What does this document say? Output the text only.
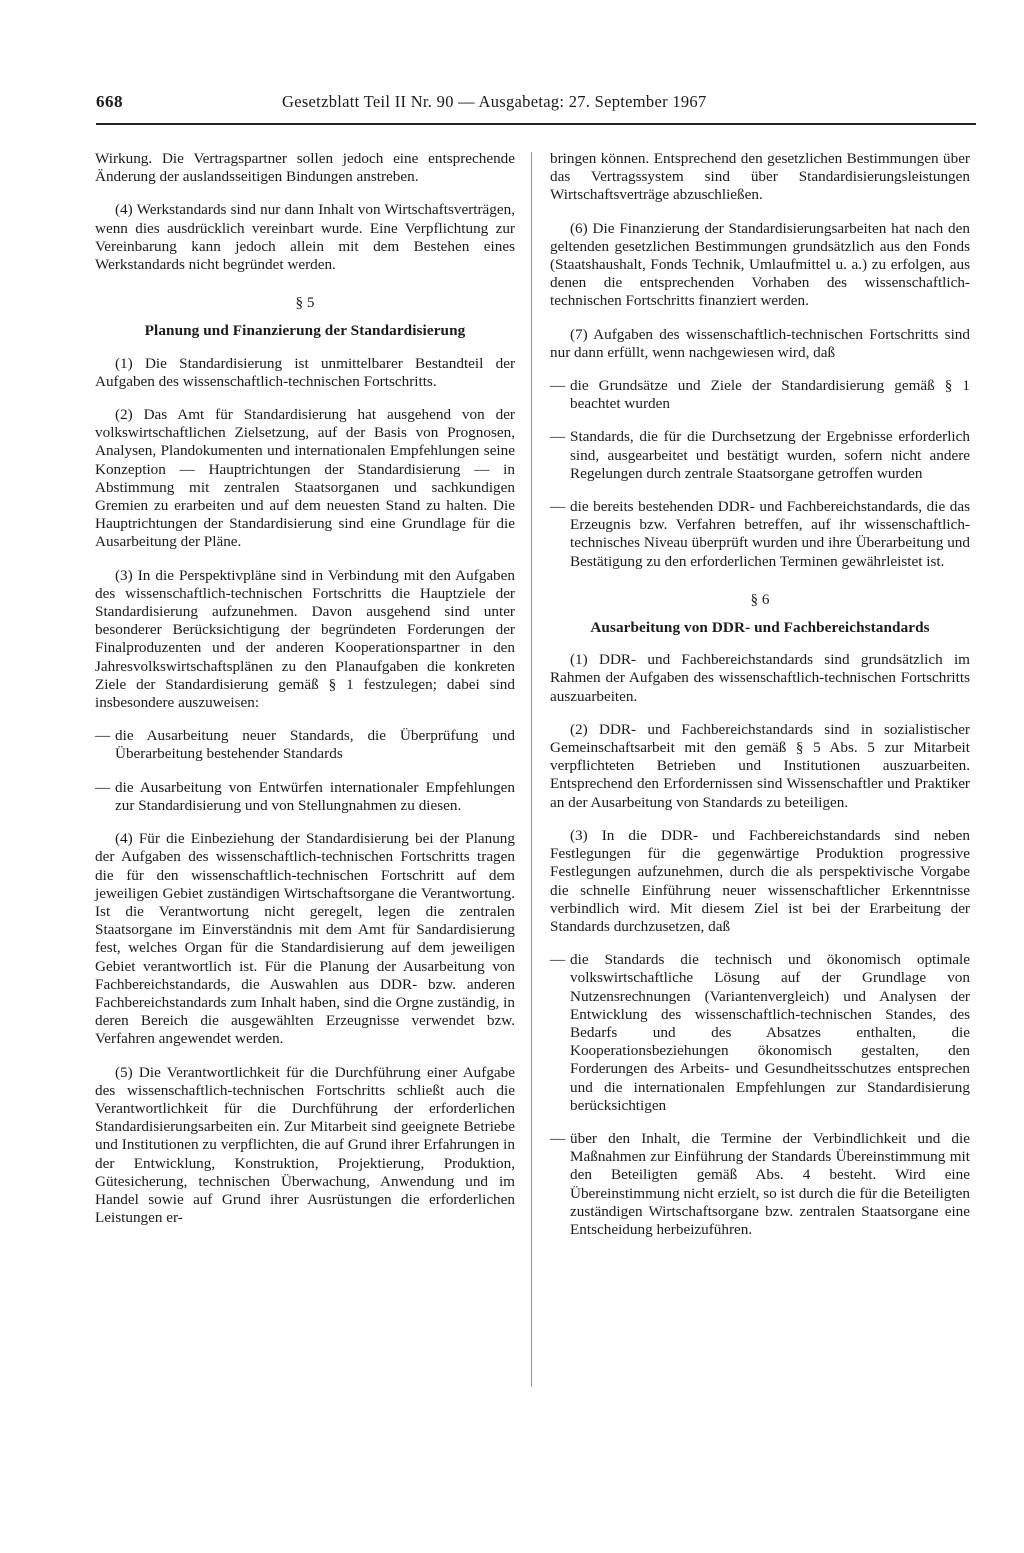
668	Gesetzblatt Teil II Nr. 90 — Ausgabetag: 27. September 1967

Wirkung. Die Vertragspartner sollen jedoch eine entsprechende Änderung der auslandsseitigen Bindungen anstreben.

(4) Werkstandards sind nur dann Inhalt von Wirtschaftsverträgen, wenn dies ausdrücklich vereinbart wurde. Eine Verpflichtung zur Vereinbarung kann jedoch allein mit dem Bestehen eines Werkstandards nicht begründet werden.

§ 5
Planung und Finanzierung der Standardisierung

(1) Die Standardisierung ist unmittelbarer Bestandteil der Aufgaben des wissenschaftlich-technischen Fortschritts.

(2) Das Amt für Standardisierung hat ausgehend von der volkswirtschaftlichen Zielsetzung, auf der Basis von Prognosen, Analysen, Plandokumenten und internationalen Empfehlungen seine Konzeption — Hauptrichtungen der Standardisierung — in Abstimmung mit zentralen Staatsorganen und sachkundigen Gremien zu erarbeiten und auf dem neuesten Stand zu halten. Die Hauptrichtungen der Standardisierung sind eine Grundlage für die Ausarbeitung der Pläne.

(3) In die Perspektivpläne sind in Verbindung mit den Aufgaben des wissenschaftlich-technischen Fortschritts die Hauptziele der Standardisierung aufzunehmen. Davon ausgehend sind unter besonderer Berücksichtigung der begründeten Forderungen der Finalproduzenten und der anderen Kooperationspartner in den Jahresvolkswirtschaftsplänen zu den Planaufgaben die konkreten Ziele der Standardisierung gemäß § 1 festzulegen; dabei sind insbesondere auszuweisen:

— die Ausarbeitung neuer Standards, die Überprüfung und Überarbeitung bestehender Standards
— die Ausarbeitung von Entwürfen internationaler Empfehlungen zur Standardisierung und von Stellungnahmen zu diesen.

(4) Für die Einbeziehung der Standardisierung bei der Planung der Aufgaben des wissenschaftlich-technischen Fortschritts tragen die für den wissenschaftlich-technischen Fortschritt auf dem jeweiligen Gebiet zuständigen Wirtschaftsorgane die Verantwortung. Ist die Verantwortung nicht geregelt, legen die zentralen Staatsorgane im Einverständnis mit dem Amt für Sandardisierung fest, welches Organ für die Standardisierung auf dem jeweiligen Gebiet verantwortlich ist. Für die Planung der Ausarbeitung von Fachbereichstandards, die Auswahlen aus DDR- bzw. anderen Fachbereichstandards zum Inhalt haben, sind die Orgne zuständig, in deren Bereich die ausgewählten Erzeugnisse verwendet bzw. Verfahren angewendet werden.

(5) Die Verantwortlichkeit für die Durchführung einer Aufgabe des wissenschaftlich-technischen Fortschritts schließt auch die Verantwortlichkeit für die Durchführung der erforderlichen Standardisierungsarbeiten ein. Zur Mitarbeit sind geeignete Betriebe und Institutionen zu verpflichten, die auf Grund ihrer Erfahrungen in der Entwicklung, Konstruktion, Projektierung, Produktion, Gütesicherung, technischen Überwachung, Anwendung und im Handel sowie auf Grund ihrer Ausrüstungen die erforderlichen Leistungen er-

bringen können. Entsprechend den gesetzlichen Bestimmungen über das Vertragssystem sind über Standardisierungsleistungen Wirtschaftsverträge abzuschließen.

(6) Die Finanzierung der Standardisierungsarbeiten hat nach den geltenden gesetzlichen Bestimmungen grundsätzlich aus den Fonds (Staatshaushalt, Fonds Technik, Umlaufmittel u. a.) zu erfolgen, aus denen die entsprechenden Vorhaben des wissenschaftlich-technischen Fortschritts finanziert werden.

(7) Aufgaben des wissenschaftlich-technischen Fortschritts sind nur dann erfüllt, wenn nachgewiesen wird, daß

— die Grundsätze und Ziele der Standardisierung gemäß § 1 beachtet wurden
— Standards, die für die Durchsetzung der Ergebnisse erforderlich sind, ausgearbeitet und bestätigt wurden, sofern nicht andere Regelungen durch zentrale Staatsorgane getroffen wurden
— die bereits bestehenden DDR- und Fachbereichstandards, die das Erzeugnis bzw. Verfahren betreffen, auf ihr wissenschaftlich-technisches Niveau überprüft wurden und ihre Überarbeitung und Bestätigung zu den erforderlichen Terminen gewährleistet ist.
§ 6
Ausarbeitung von DDR- und Fachbereichstandards

(1) DDR- und Fachbereichstandards sind grundsätzlich im Rahmen der Aufgaben des wissenschaftlich-technischen Fortschritts auszuarbeiten.

(2) DDR- und Fachbereichstandards sind in sozialistischer Gemeinschaftsarbeit mit den gemäß § 5 Abs. 5 zur Mitarbeit verpflichteten Betrieben und Institutionen auszuarbeiten. Entsprechend den Erfordernissen sind Wissenschaftler und Praktiker an der Ausarbeitung von Standards zu beteiligen.

(3) In die DDR- und Fachbereichstandards sind neben Festlegungen für die gegenwärtige Produktion progressive Festlegungen aufzunehmen, durch die als perspektivische Vorgabe die schnelle Einführung neuer wissenschaftlicher Erkenntnisse verbindlich wird. Mit diesem Ziel ist bei der Erarbeitung der Standards durchzusetzen, daß

— die Standards die technisch und ökonomisch optimale volkswirtschaftliche Lösung auf der Grundlage von Nutzensrechnungen (Variantenvergleich) und Analysen der Entwicklung des wissenschaftlich-technischen Standes, des Bedarfs und des Absatzes enthalten, die Kooperationsbeziehungen ökonomisch gestalten, den Forderungen des Arbeits- und Gesundheitsschutzes entsprechen und die internationalen Empfehlungen zur Standardisierung berücksichtigen
— über den Inhalt, die Termine der Verbindlichkeit und die Maßnahmen zur Einführung der Standards Übereinstimmung mit den Beteiligten gemäß Abs. 4 besteht. Wird eine Übereinstimmung nicht erzielt, so ist durch die für die Beteiligten zuständigen Wirtschaftsorgane bzw. zentralen Staatsorgane eine Entscheidung herbeizuführen.
